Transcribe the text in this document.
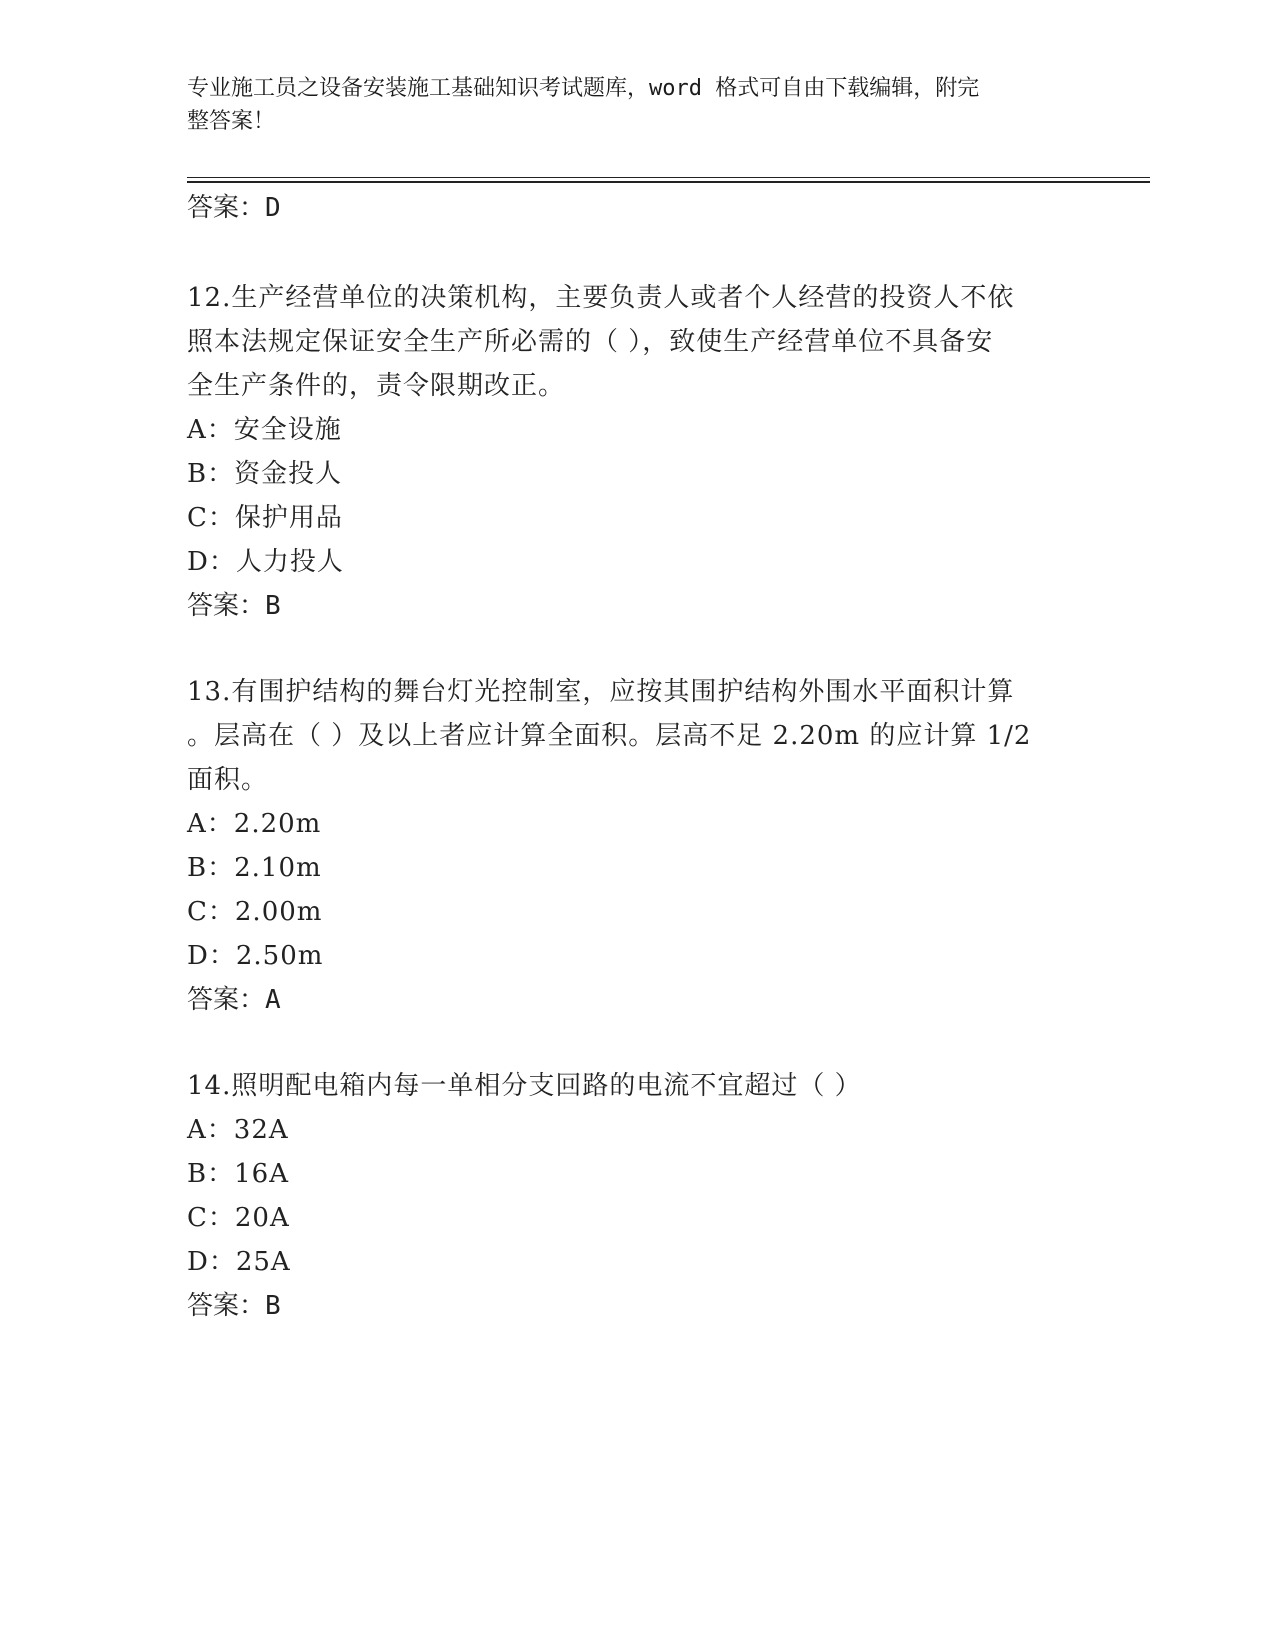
专业施工员之设备安装施工基础知识考试题库，word 格式可自由下载编辑，附完
整答案！
答案：D
12.生产经营单位的决策机构，主要负责人或者个人经营的投资人不依
照本法规定保证安全生产所必需的（ ），致使生产经营单位不具备安
全生产条件的，责令限期改正。
A：安全设施
B：资金投人
C：保护用品
D：人力投人
答案：B
13.有围护结构的舞台灯光控制室，应按其围护结构外围水平面积计算
。层高在（ ）及以上者应计算全面积。层高不足 2.20m 的应计算 1/2
面积。
A：2.20m
B：2.10m
C：2.00m
D：2.50m
答案：A
14.照明配电箱内每一单相分支回路的电流不宜超过（ ）
A：32A
B：16A
C：20A
D：25A
答案：B
